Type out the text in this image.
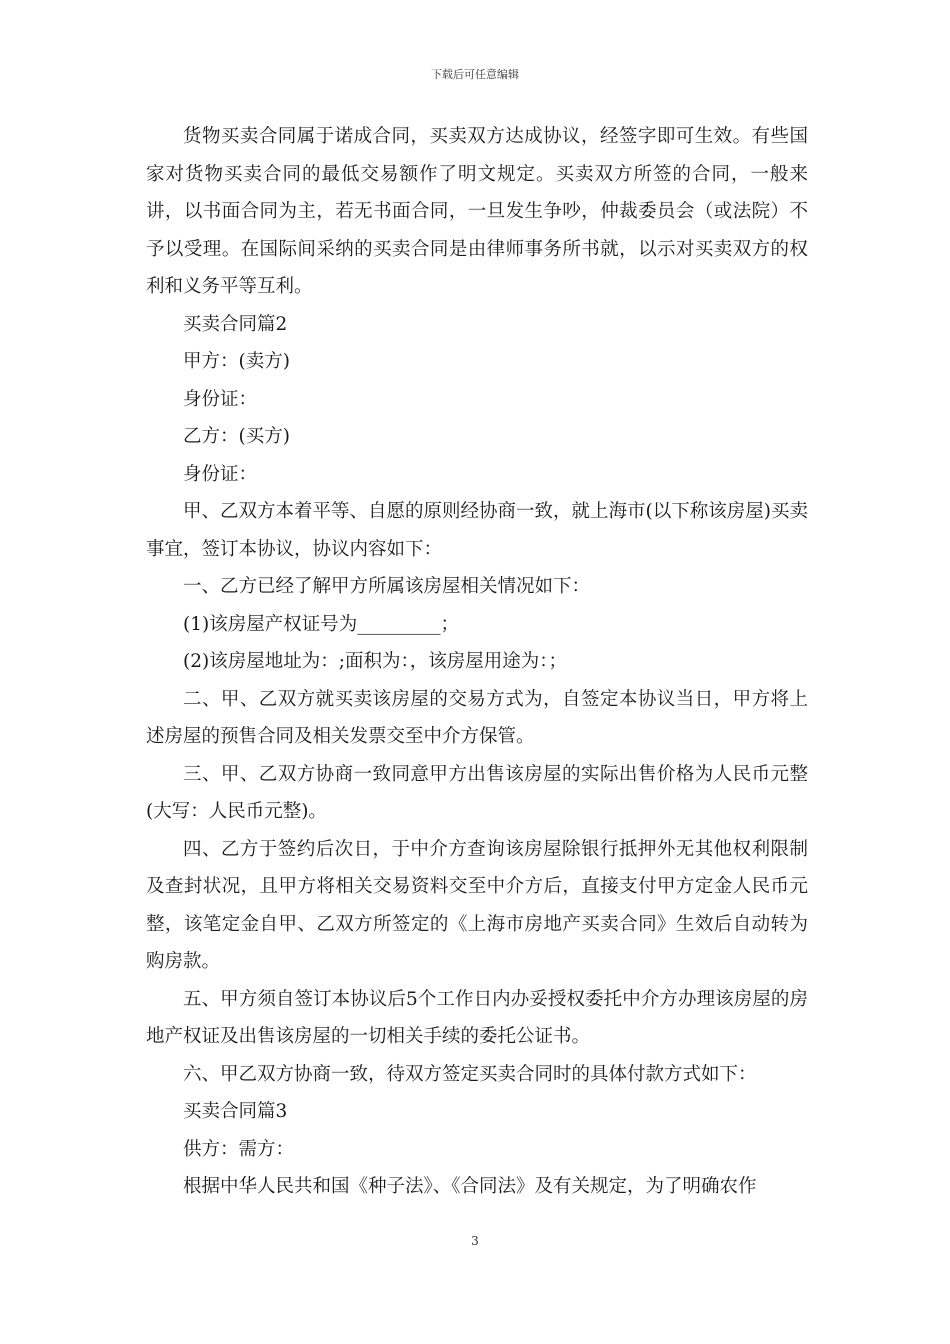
下载后可任意编辑

货物买卖合同属于诺成合同，买卖双方达成协议，经签字即可生效。有些国家对货物买卖合同的最低交易额作了明文规定。买卖双方所签的合同，一般来讲，以书面合同为主，若无书面合同，一旦发生争吵，仲裁委员会（或法院）不予以受理。在国际间采纳的买卖合同是由律师事务所书就，以示对买卖双方的权利和义务平等互利。

买卖合同篇2

甲方：(卖方)

身份证：

乙方：(买方)

身份证：

甲、乙双方本着平等、自愿的原则经协商一致，就上海市(以下称该房屋)买卖事宜，签订本协议，协议内容如下：

一、乙方已经了解甲方所属该房屋相关情况如下：

(1)该房屋产权证号为_________；

(2)该房屋地址为：;面积为：，该房屋用途为：；

二、甲、乙双方就买卖该房屋的交易方式为，自签定本协议当日，甲方将上述房屋的预售合同及相关发票交至中介方保管。

三、甲、乙双方协商一致同意甲方出售该房屋的实际出售价格为人民币元整(大写：人民币元整)。

四、乙方于签约后次日，于中介方查询该房屋除银行抵押外无其他权利限制及查封状况，且甲方将相关交易资料交至中介方后，直接支付甲方定金人民币元整，该笔定金自甲、乙双方所签定的《上海市房地产买卖合同》生效后自动转为购房款。

五、甲方须自签订本协议后5个工作日内办妥授权委托中介方办理该房屋的房地产权证及出售该房屋的一切相关手续的委托公证书。

六、甲乙双方协商一致，待双方签定买卖合同时的具体付款方式如下：

买卖合同篇3

供方：需方：

根据中华人民共和国《种子法》、《合同法》及有关规定，为了明确农作

3
